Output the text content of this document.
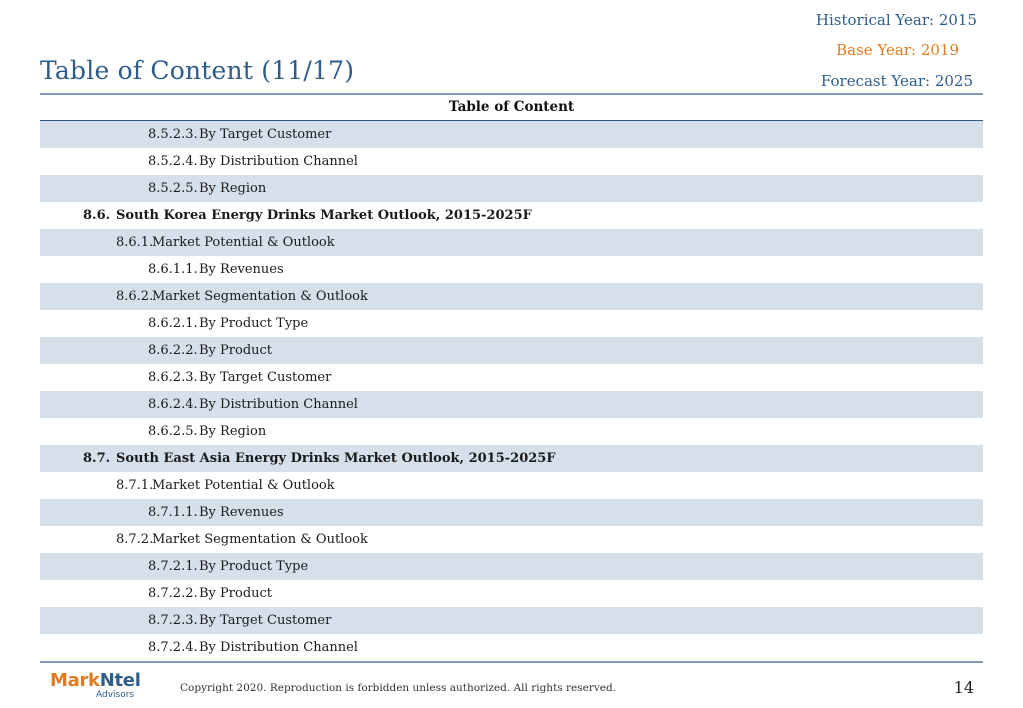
Historical Year: 2015
Base Year: 2019
Forecast Year: 2025
Table of Content (11/17)
Table of Content
8.5.2.3. By Target Customer
8.5.2.4. By Distribution Channel
8.5.2.5. By Region
8.6. South Korea Energy Drinks Market Outlook, 2015-2025F
8.6.1.
Market Potential & Outlook
8.6.1.1. By Revenues
8.6.2.
Market Segmentation & Outlook
8.6.2.1. By Product Type
8.6.2.2. By Product
8.6.2.3. By Target Customer
8.6.2.4. By Distribution Channel
8.6.2.5. By Region
8.7. South East Asia Energy Drinks Market Outlook, 2015-2025F
8.7.1.
Market Potential & Outlook
8.7.1.1. By Revenues
8.7.2.
Market Segmentation & Outlook
8.7.2.1. By Product Type
8.7.2.2. By Product
8.7.2.3. By Target Customer
8.7.2.4. By Distribution Channel
MarkNtel
Advisors
Copyright 2020. Reproduction is forbidden unless authorized. All rights reserved.	14
